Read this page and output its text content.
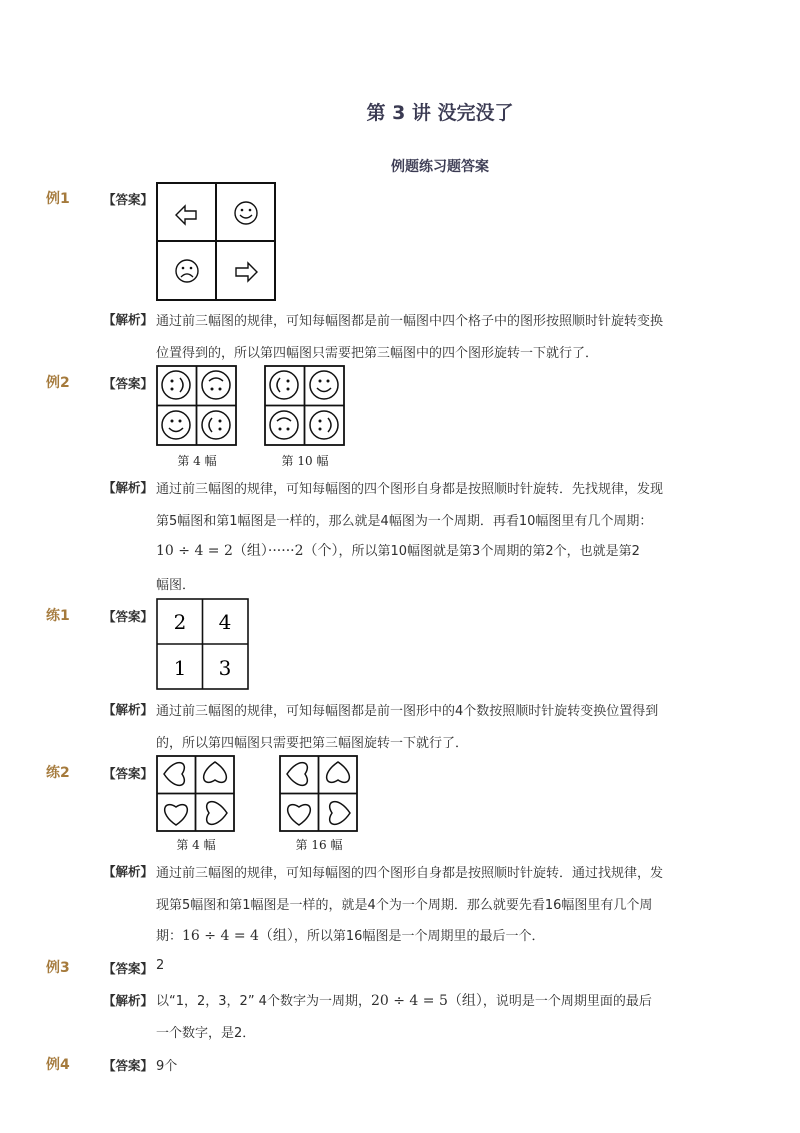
第 3 讲 没完没了
例题练习题答案
例1	【答案】
【解析】 通过前三幅图的规律，可知每幅图都是前一幅图中四个格子中的图形按照顺时针旋转变换
位置得到的，所以第四幅图只需要把第三幅图中的四个图形旋转一下就行了．
例2	【答案】
第 4 幅	第 10 幅
【解析】 通过前三幅图的规律，可知每幅图的四个图形自身都是按照顺时针旋转．先找规律，发现
第5幅图和第1幅图是一样的，那么就是4幅图为一个周期．再看10幅图里有几个周期：
10 ÷ 4 = 2（组）······2（个），所以第10幅图就是第3个周期的第2个，也就是第2
幅图．
练1	【答案】 2 4
1 3
【解析】 通过前三幅图的规律，可知每幅图都是前一图形中的4个数按照顺时针旋转变换位置得到
的，所以第四幅图只需要把第三幅图旋转一下就行了．
练2	【答案】
第 4 幅	第 16 幅
【解析】 通过前三幅图的规律，可知每幅图的四个图形自身都是按照顺时针旋转．通过找规律，发
现第5幅图和第1幅图是一样的，就是4个为一个周期．那么就要先看16幅图里有几个周
期：16 ÷ 4 = 4（组），所以第16幅图是一个周期里的最后一个．
例3	【答案】 2
【解析】 以“1，2，3，2” 4个数字为一周期，20 ÷ 4 = 5（组），说明是一个周期里面的最后
一个数字，是2．
例4	【答案】 9个
